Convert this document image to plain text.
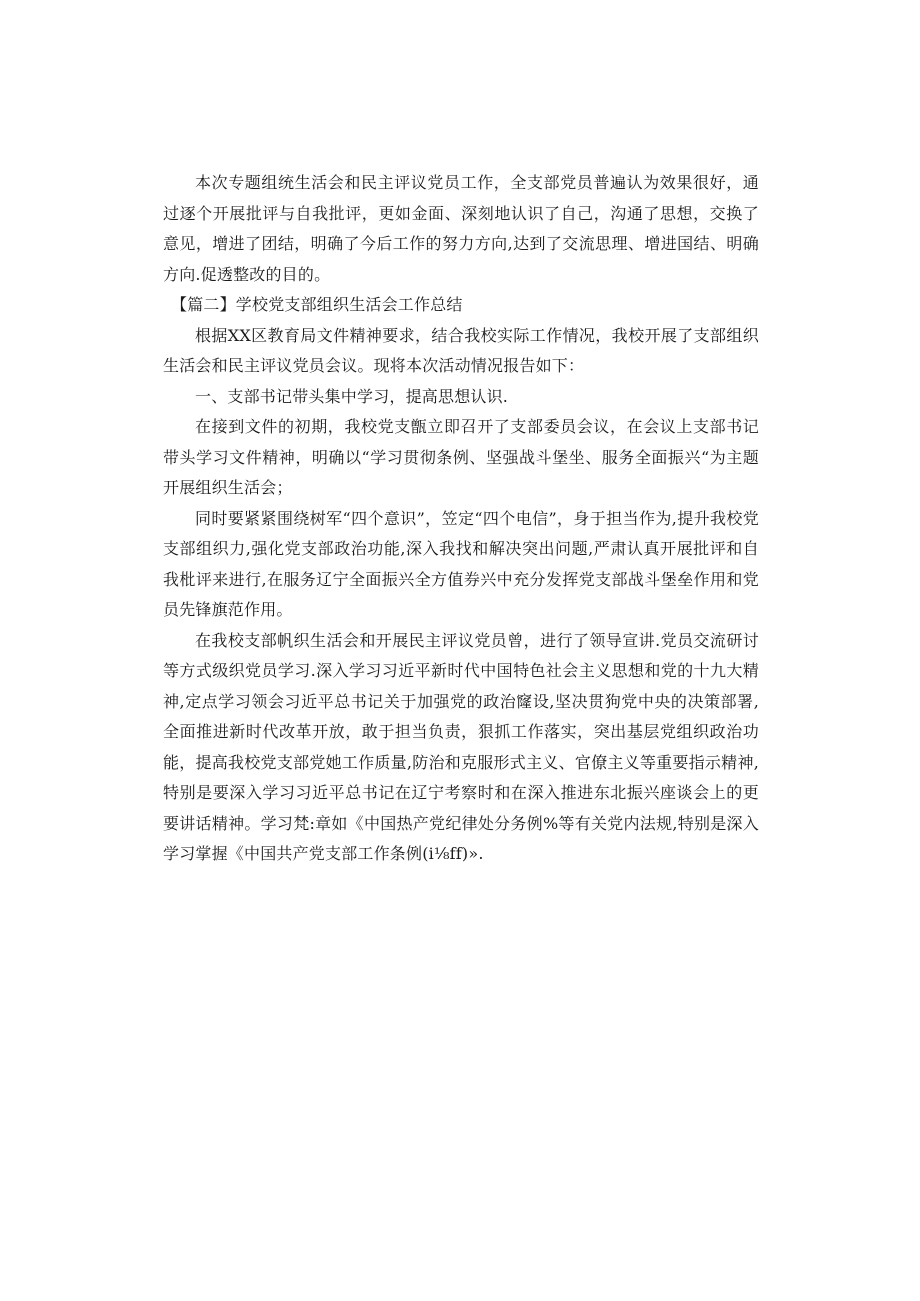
本次专题组统生活会和民主评议党员工作，全支部党员普遍认为效果很好，通过逐个开展批评与自我批评，更如金面、深刻地认识了自己，沟通了思想，交换了意见，增进了团结，明确了今后工作的努力方向,达到了交流思理、增进国结、明确方向.促透整改的目的。

【篇二】学校党支部组织生活会工作总结

根据XX区教育局文件精神要求，结合我校实际工作情况，我校开展了支部组织生活会和民主评议党员会议。现将本次活动情况报告如下：

一、支部书记带头集中学习，提高思想认识.

在接到文件的初期，我校党支甑立即召开了支部委员会议，在会议上支部书记带头学习文件精神，明确以“学习贯彻条例、坚强战斗堡坐、服务全面振兴“为主题开展组织生活会；

同时要紧紧围绕树军“四个意识”，笠定“四个电信”，身于担当作为,提升我校党支部组织力,强化党支部政治功能,深入我找和解决突出问题,严肃认真开展批评和自我枇评来进行,在服务辽宁全面振兴全方值券兴中充分发挥党支部战斗堡垒作用和党员先锋旗范作用。

在我校支部帆织生活会和开展民主评议党员曾，进行了领导宣讲.党员交流研讨等方式级织党员学习.深入学习习近平新时代中国特色社会主义思想和党的十九大精神,定点学习领会习近平总书记关于加强党的政治窿设,坚决贯狗党中央的决策部署,全面推进新时代改革开放，敢于担当负责，狠抓工作落实，突出基层党组织政治功能，提高我校党支部党她工作质量,防治和克服形式主义、官僚主义等重要指示精神,特别是要深入学习习近平总书记在辽宁考察时和在深入推进东北振兴座谈会上的更要讲话精神。学习梵:章如《中国热产党纪律处分务例%等有关党内法规,特别是深入学习掌握《中国共产党支部工作条例(i⅛ff)».
